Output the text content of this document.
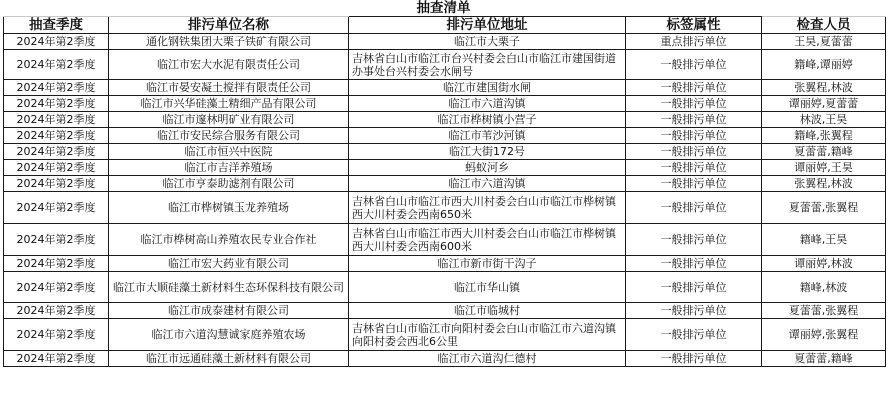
		抽查清单		
抽查季度	排污单位名称	排污单位地址	标签属性	检查人员
2024年第2季度	通化钢铁集团大栗子铁矿有限公司	临江市大栗子	重点排污单位	王昊,夏蕾蕾
2024年第2季度	临江市宏大水泥有限责任公司	吉林省白山市临江市台兴村委会白山市临江市建国街道办事处台兴村委会水闸号	一般排污单位	籍峰,谭丽婷
2024年第2季度	临江市晏安凝土搅拌有限责任公司	临江市建国街水闸	一般排污单位	张翼程,林波
2024年第2季度	临江市兴华硅藻土精细产品有限公司	临江市六道沟镇	一般排污单位	谭丽婷,夏蕾蕾
2024年第2季度	临江市邃林明矿业有限公司	临江市桦树镇小营子	一般排污单位	林波,王昊
2024年第2季度	临江市安民综合服务有限公司	临江市苇沙河镇	一般排污单位	籍峰,张翼程
2024年第2季度	临江市恒兴中医院	临江大街172号	一般排污单位	夏蕾蕾,籍峰
2024年第2季度	临江市吉洋养殖场	蚂蚁河乡	一般排污单位	谭丽婷,王昊
2024年第2季度	临江市亨泰助滤剂有限公司	临江市六道沟镇	一般排污单位	张翼程,林波
2024年第2季度	临江市桦树镇玉龙养殖场	吉林省白山市临江市西大川村委会白山市临江市桦树镇西大川村委会西南650米	一般排污单位	夏蕾蕾,张翼程
2024年第2季度	临江市桦树高山养殖农民专业合作社	吉林省白山市临江市西大川村委会白山市临江市桦树镇西大川村委会西南600米	一般排污单位	籍峰,王昊
2024年第2季度	临江市宏大药业有限公司	临江市新市街干沟子	一般排污单位	谭丽婷,林波
2024年第2季度	临江市大顺硅藻土新材料生态环保科技有限公司	临江市华山镇	一般排污单位	籍峰,林波
2024年第2季度	临江市成泰建材有限公司	临江市临城村	一般排污单位	夏蕾蕾,张翼程
2024年第2季度	临江市六道沟慧诚家庭养殖农场	吉林省白山市临江市向阳村委会白山市临江市六道沟镇向阳村委会西北6公里	一般排污单位	谭丽婷,张翼程
2024年第2季度	临江市远通硅藻土新材料有限公司	临江市六道沟仁德村	一般排污单位	夏蕾蕾,籍峰
